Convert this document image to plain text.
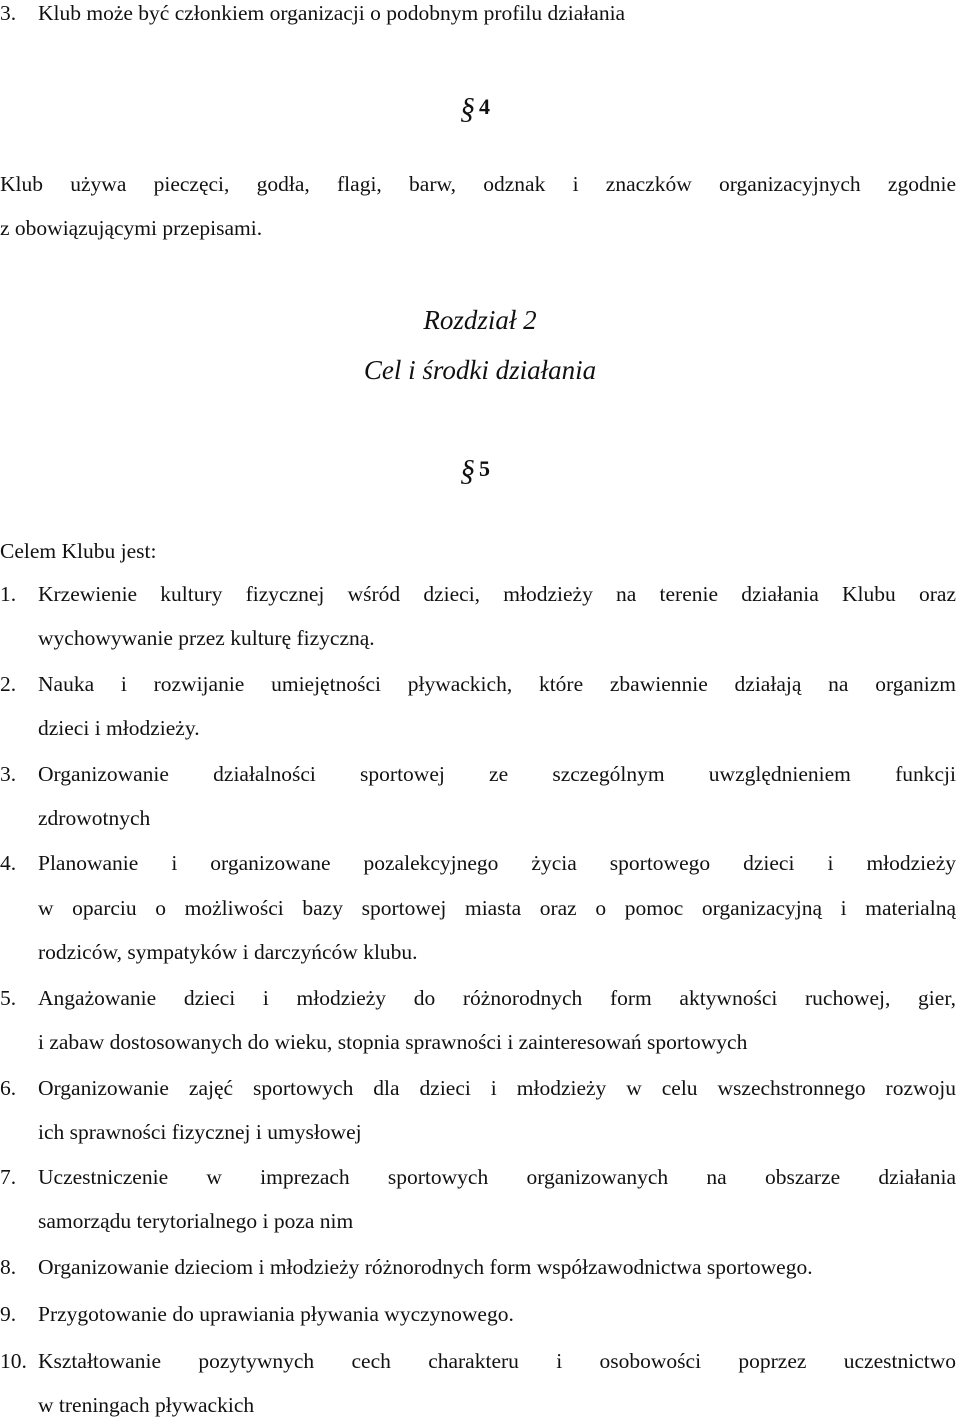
3. Klub może być członkiem organizacji o podobnym profilu działania
§ 4
Klub używa pieczęci, godła, flagi, barw, odznak i znaczków organizacyjnych zgodnie
z obowiązującymi przepisami.
Rozdział 2
Cel i środki działania
§ 5
Celem Klubu jest:
1. Krzewienie kultury fizycznej wśród dzieci, młodzieży na terenie działania Klubu oraz
wychowywanie przez kulturę fizyczną.
2. Nauka i rozwijanie umiejętności pływackich, które zbawiennie działają na organizm
dzieci i młodzieży.
3. Organizowanie działalności sportowej ze szczególnym uwzględnieniem funkcji
zdrowotnych
4. Planowanie i organizowane pozalekcyjnego życia sportowego dzieci i młodzieży
w oparciu o możliwości bazy sportowej miasta oraz o pomoc organizacyjną i materialną
rodziców, sympatyków i darczyńców klubu.
5. Angażowanie dzieci i młodzieży do różnorodnych form aktywności ruchowej, gier,
i zabaw dostosowanych do wieku, stopnia sprawności i zainteresowań sportowych
6. Organizowanie zajęć sportowych dla dzieci i młodzieży w celu wszechstronnego rozwoju
ich sprawności fizycznej i umysłowej
7. Uczestniczenie w imprezach sportowych organizowanych na obszarze działania
samorządu terytorialnego i poza nim
8. Organizowanie dzieciom i młodzieży różnorodnych form współzawodnictwa sportowego.
9. Przygotowanie do uprawiania pływania wyczynowego.
10. Kształtowanie pozytywnych cech charakteru i osobowości poprzez uczestnictwo
w treningach pływackich
